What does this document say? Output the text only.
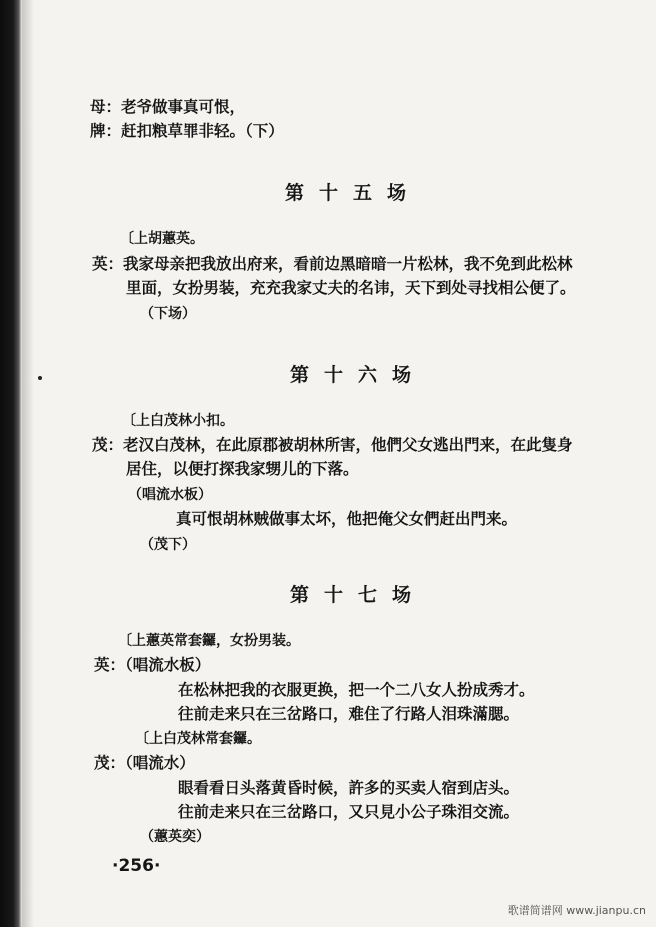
母：老爷做事真可恨，
牌：赶扣粮草罪非轻。（下）
第十五场
〔上胡蕙英。
英：我家母亲把我放出府来，看前边黑暗暗一片松林，我不免到此松林
里面，女扮男装，充充我家丈夫的名讳，天下到处寻找相公便了。
（下场）
第十六场
〔上白茂林小扣。
茂：老汉白茂林，在此原郡被胡林所害，他們父女逃出門来，在此隻身
居住，以便打探我家甥儿的下落。
（唱流水板）
真可恨胡林贼做事太坏，他把俺父女們赶出門来。
（茂下）
第十七场
〔上蕙英常套鑼，女扮男装。
英：（唱流水板）
在松林把我的衣服更换，把一个二八女人扮成秀才。
往前走来只在三岔路口，难住了行路人泪珠滿腮。
〔上白茂林常套鑼。
茂：（唱流水）
眼看看日头落黄昏时候，許多的买卖人宿到店头。
往前走来只在三岔路口，又只見小公子珠泪交流。
（蕙英奕）
·256·
歌谱简谱网 www.jianpu.cn
